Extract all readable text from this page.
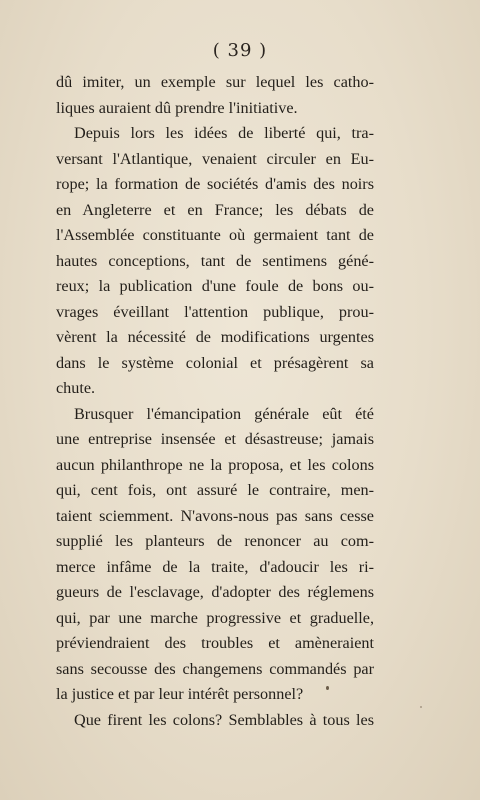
( 39 )
dû imiter, un exemple sur lequel les catho-
liques auraient dû prendre l'initiative.
Depuis lors les idées de liberté qui, tra-
versant l'Atlantique, venaient circuler en Eu-
rope; la formation de sociétés d'amis des noirs
en Angleterre et en France; les débats de
l'Assemblée constituante où germaient tant de
hautes conceptions, tant de sentimens géné-
reux; la publication d'une foule de bons ou-
vrages éveillant l'attention publique, prou-
vèrent la nécessité de modifications urgentes
dans le système colonial et présagèrent sa
chute.
Brusquer l'émancipation générale eût été
une entreprise insensée et désastreuse; jamais
aucun philanthrope ne la proposa, et les colons
qui, cent fois, ont assuré le contraire, men-
taient sciemment. N'avons-nous pas sans cesse
supplié les planteurs de renoncer au com-
merce infâme de la traite, d'adoucir les ri-
gueurs de l'esclavage, d'adopter des réglemens
qui, par une marche progressive et graduelle,
préviendraient des troubles et amèneraient
sans secousse des changemens commandés par
la justice et par leur intérêt personnel?
Que firent les colons? Semblables à tous les
